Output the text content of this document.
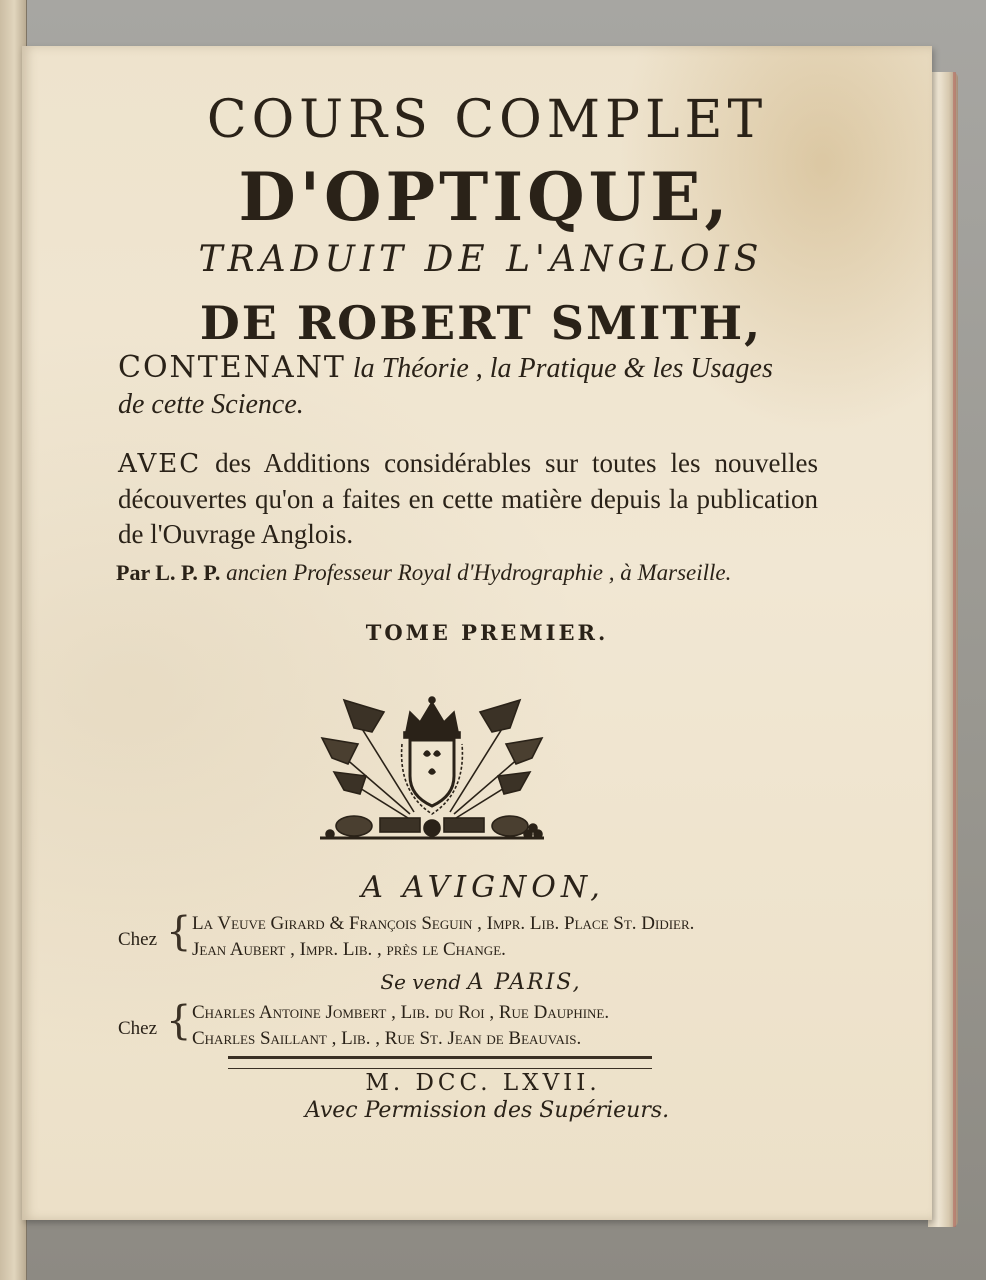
COURS COMPLET
D'OPTIQUE,
TRADUIT DE L'ANGLOIS
DE ROBERT SMITH,
CONTENANT la Théorie , la Pratique & les Usages de cette Science.
AVEC des Additions considérables sur toutes les nouvelles découvertes qu'on a faites en cette matière depuis la publication de l'Ouvrage Anglois.
Par L. P. P. ancien Professeur Royal d'Hydrographie , à Marseille.
TOME PREMIER.
A AVIGNON,
Chez { La Veuve Girard & François Seguin , Impr. Lib. Place St. Didier.
Jean Aubert , Impr. Lib. , près le Change.
Se vend A PARIS,
Chez { Charles Antoine Jombert , Lib. du Roi , Rue Dauphine.
Charles Saillant , Lib. , Rue St. Jean de Beauvais.
M. DCC. LXVII.
Avec Permission des Supérieurs.
